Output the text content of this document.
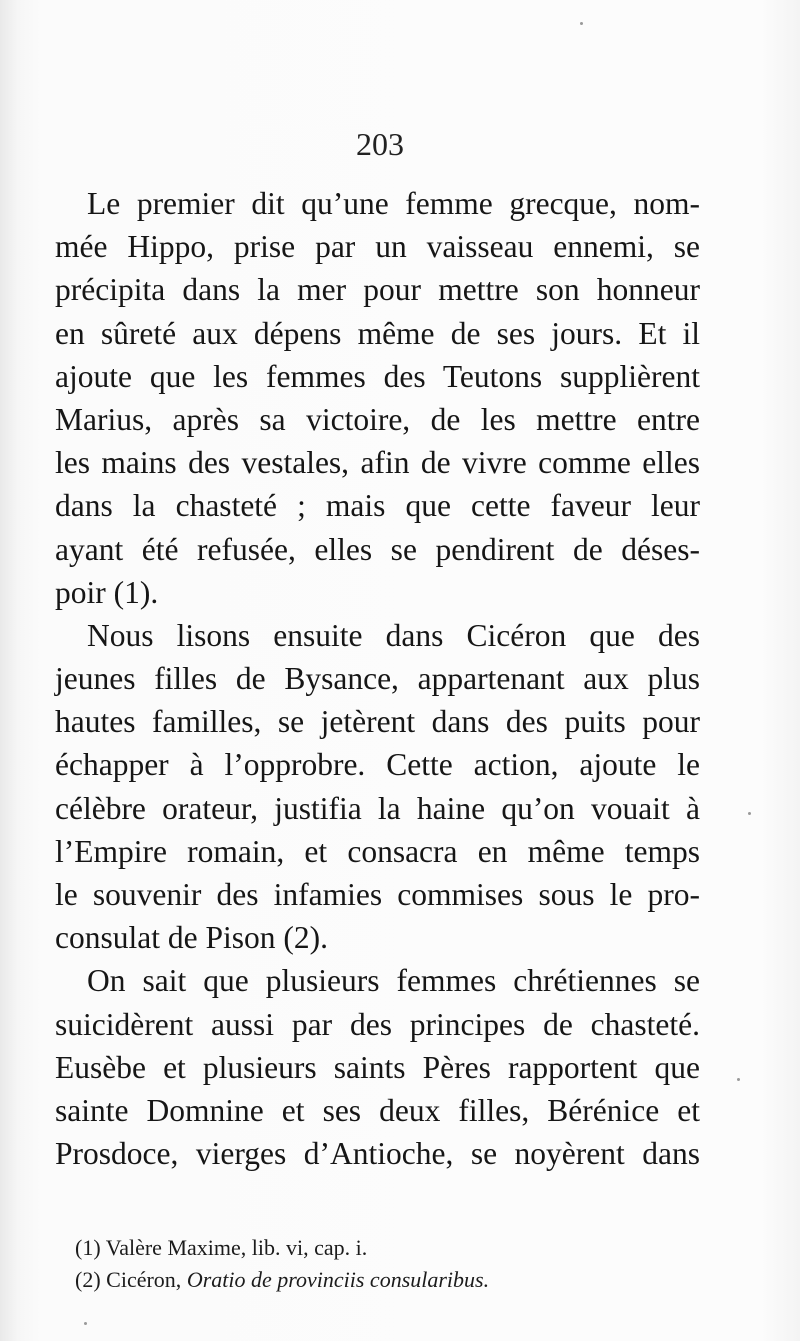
203
Le premier dit qu’une femme grecque, nom-
mée Hippo, prise par un vaisseau ennemi, se
précipita dans la mer pour mettre son honneur
en sûreté aux dépens même de ses jours. Et il
ajoute que les femmes des Teutons supplièrent
Marius, après sa victoire, de les mettre entre
les mains des vestales, afin de vivre comme elles
dans la chasteté ; mais que cette faveur leur
ayant été refusée, elles se pendirent de déses-
poir (1).
Nous lisons ensuite dans Cicéron que des
jeunes filles de Bysance, appartenant aux plus
hautes familles, se jetèrent dans des puits pour
échapper à l’opprobre. Cette action, ajoute le
célèbre orateur, justifia la haine qu’on vouait à
l’Empire romain, et consacra en même temps
le souvenir des infamies commises sous le pro-
consulat de Pison (2).
On sait que plusieurs femmes chrétiennes se
suicidèrent aussi par des principes de chasteté.
Eusèbe et plusieurs saints Pères rapportent que
sainte Domnine et ses deux filles, Bérénice et
Prosdoce, vierges d’Antioche, se noyèrent dans
(1) Valère Maxime, lib. vi, cap. i.
(2) Cicéron, Oratio de provinciis consularibus.
